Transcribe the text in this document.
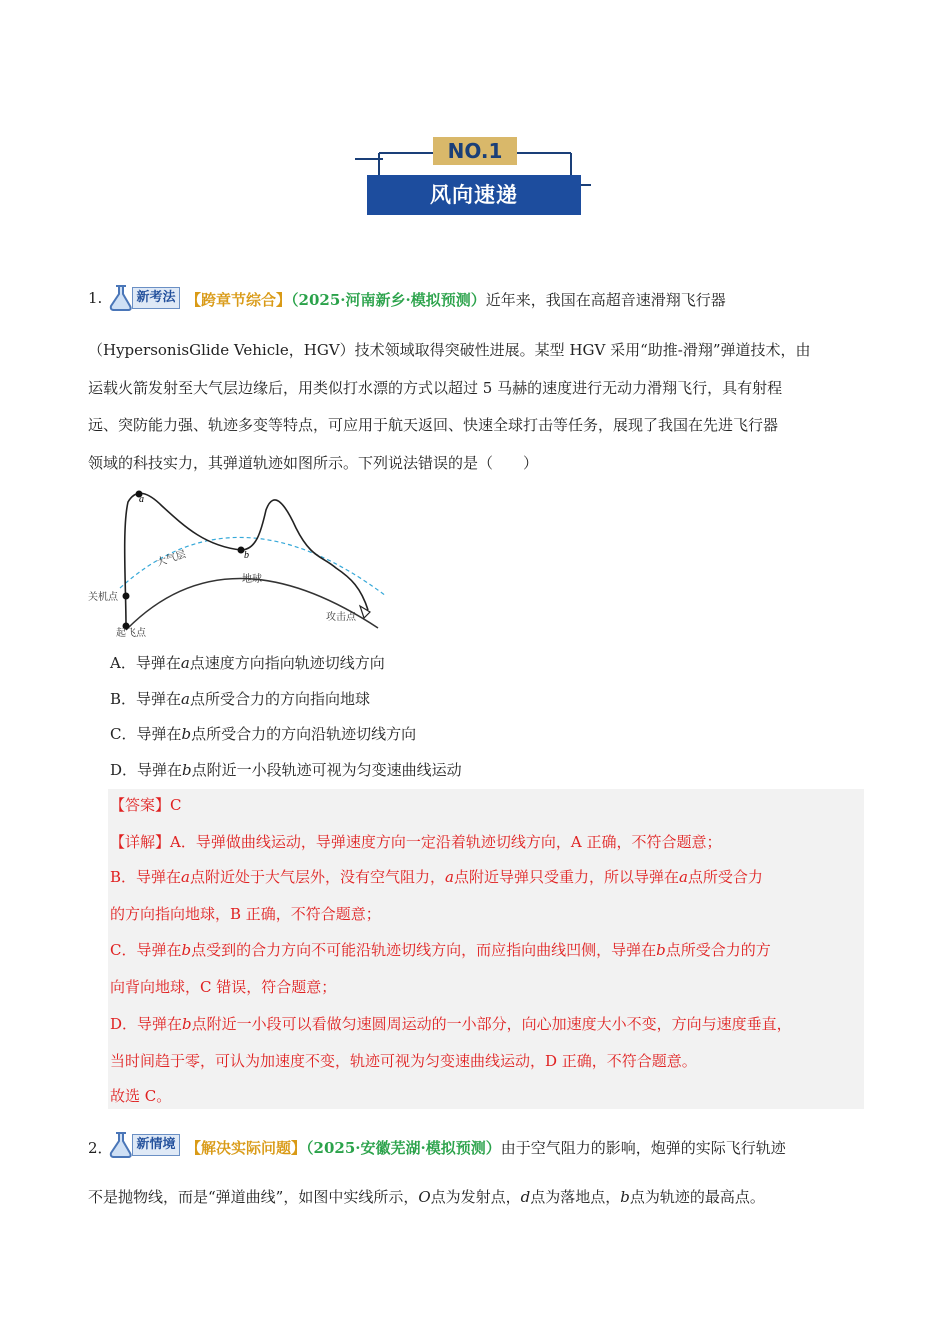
NO.1
风向速递
1.	新考法 【跨章节综合】（2025·河南新乡·模拟预测）近年来，我国在高超音速滑翔飞行器

（HypersonisGlide Vehicle，HGV）技术领域取得突破性进展。某型 HGV 采用“助推-滑翔”弹道技术，由

运载火箭发射至大气层边缘后，用类似打水漂的方式以超过 5 马赫的速度进行无动力滑翔飞行，具有射程

远、突防能力强、轨迹多变等特点，可应用于航天返回、快速全球打击等任务，展现了我国在先进飞行器

领域的科技实力，其弹道轨迹如图所示。下列说法错误的是（　　）

a
b
大气层
地球
关机点
起飞点
攻击点
A．导弹在a点速度方向指向轨迹切线方向
B．导弹在a点所受合力的方向指向地球
C．导弹在b点所受合力的方向沿轨迹切线方向
D．导弹在b点附近一小段轨迹可视为匀变速曲线运动

【答案】C

【详解】A．导弹做曲线运动，导弹速度方向一定沿着轨迹切线方向，A 正确，不符合题意；

B．导弹在a点附近处于大气层外，没有空气阻力，a点附近导弹只受重力，所以导弹在a点所受合力

的方向指向地球，B 正确，不符合题意；

C．导弹在b点受到的合力方向不可能沿轨迹切线方向，而应指向曲线凹侧，导弹在b点所受合力的方

向背向地球，C 错误，符合题意；

D．导弹在b点附近一小段可以看做匀速圆周运动的一小部分，向心加速度大小不变，方向与速度垂直，

当时间趋于零，可认为加速度不变，轨迹可视为匀变速曲线运动，D 正确，不符合题意。

故选 C。

2．	新情境 【解决实际问题】（2025·安徽芜湖·模拟预测）由于空气阻力的影响，炮弹的实际飞行轨迹
不是抛物线，而是“弹道曲线”，如图中实线所示，O点为发射点，d点为落地点，b点为轨迹的最高点。
